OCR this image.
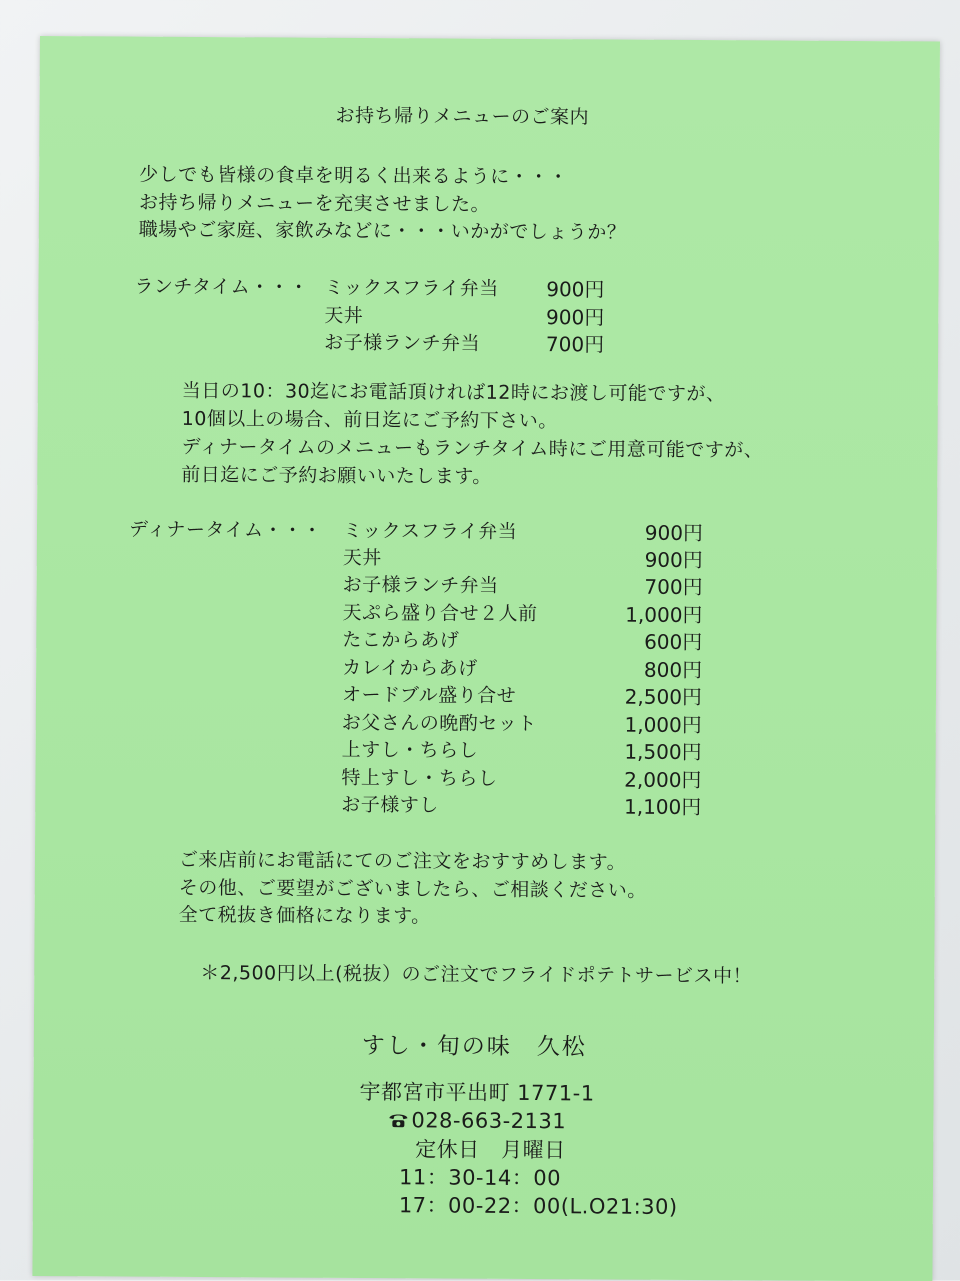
お持ち帰りメニューのご案内
少しでも皆様の食卓を明るく出来るように・・・
お持ち帰りメニューを充実させました。
職場やご家庭、家飲みなどに・・・いかがでしょうか？
ランチタイム・・・ ミックスフライ弁当	900円
天丼	900円
お子様ランチ弁当	700円
当日の10：30迄にお電話頂ければ12時にお渡し可能ですが、
10個以上の場合、前日迄にご予約下さい。
ディナータイムのメニューもランチタイム時にご用意可能ですが、
前日迄にご予約お願いいたします。
ディナータイム・・・ ミックスフライ弁当	900円
天丼	900円
お子様ランチ弁当	700円
天ぷら盛り合せ２人前	1,000円
たこからあげ	600円
カレイからあげ	800円
オードブル盛り合せ	2,500円
お父さんの晩酌セット	1,000円
上すし・ちらし	1,500円
特上すし・ちらし	2,000円
お子様すし	1,100円
ご来店前にお電話にてのご注文をおすすめします。
その他、ご要望がございましたら、ご相談ください。
全て税抜き価格になります。
＊2,500円以上(税抜）のご注文でフライドポテトサービス中！
すし・旬の味　久松
宇都宮市平出町 1771-1
028-663-2131
定休日　月曜日
11：30-14：00
17：00-22：00(L.O21:30)
